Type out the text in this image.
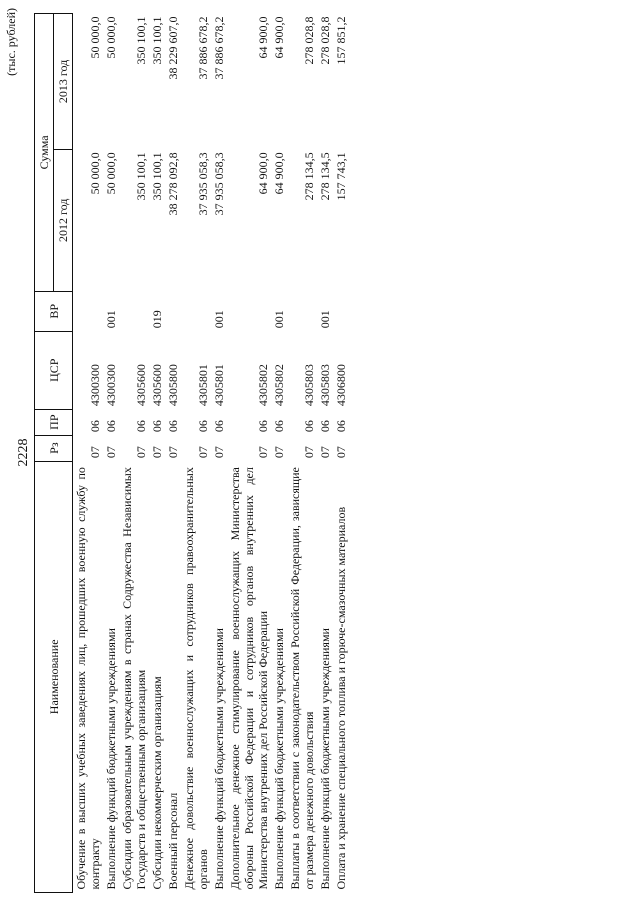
2228
(тыс. рублей)
Наименование	Рз	ПР	ЦСР	ВР	Сумма	
					2012 год	2013 год
Обучение в высших учебных заведениях лиц, прошедших военную службу по контракту	07	06	4300300		50 000,0	50 000,0
Выполнение функций бюджетными учреждениями	07	06	4300300	001	50 000,0	50 000,0
Субсидии образовательным учреждениям в странах Содружества Независимых Государств и общественным организациям	07	06	4305600		350 100,1	350 100,1
Субсидии некоммерческим организациям	07	06	4305600	019	350 100,1	350 100,1
Военный персонал	07	06	4305800		38 278 092,8	38 229 607,0
Денежное довольствие военнослужащих и сотрудников правоохранительных органов	07	06	4305801		37 935 058,3	37 886 678,2
Выполнение функций бюджетными учреждениями	07	06	4305801	001	37 935 058,3	37 886 678,2
Дополнительное денежное стимулирование военнослужащих Министерства обороны Российской Федерации и сотрудников органов внутренних дел Министерства внутренних дел Российской Федерации	07	06	4305802		64 900,0	64 900,0
Выполнение функций бюджетными учреждениями	07	06	4305802	001	64 900,0	64 900,0
Выплаты в соответствии с законодательством Российской Федерации, зависящие от размера денежного довольствия	07	06	4305803		278 134,5	278 028,8
Выполнение функций бюджетными учреждениями	07	06	4305803	001	278 134,5	278 028,8
Оплата и хранение специального топлива и горюче-смазочных материалов	07	06	4306800		157 743,1	157 851,2
